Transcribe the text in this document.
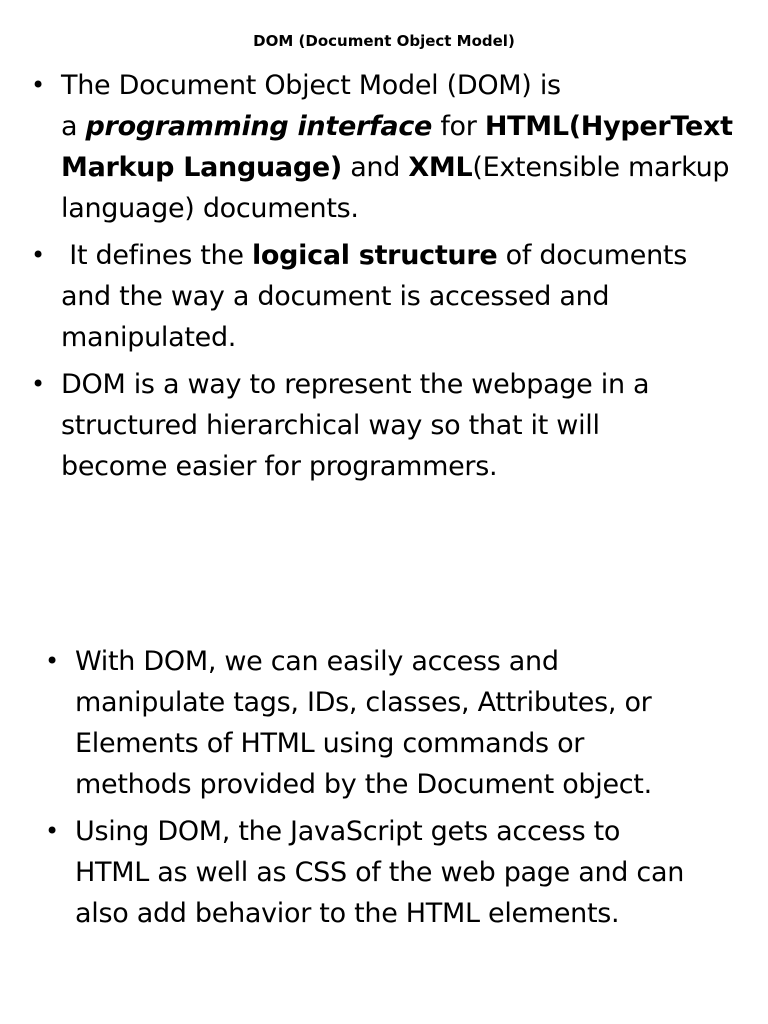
DOM (Document Object Model)
• The Document Object Model (DOM) is
a programming interface for HTML(HyperText
Markup Language) and XML(Extensible markup
language) documents.
• It defines the logical structure of documents
and the way a document is accessed and
manipulated.
• DOM is a way to represent the webpage in a
structured hierarchical way so that it will
become easier for programmers.
• With DOM, we can easily access and
manipulate tags, IDs, classes, Attributes, or
Elements of HTML using commands or
methods provided by the Document object.
• Using DOM, the JavaScript gets access to
HTML as well as CSS of the web page and can
also add behavior to the HTML elements.
